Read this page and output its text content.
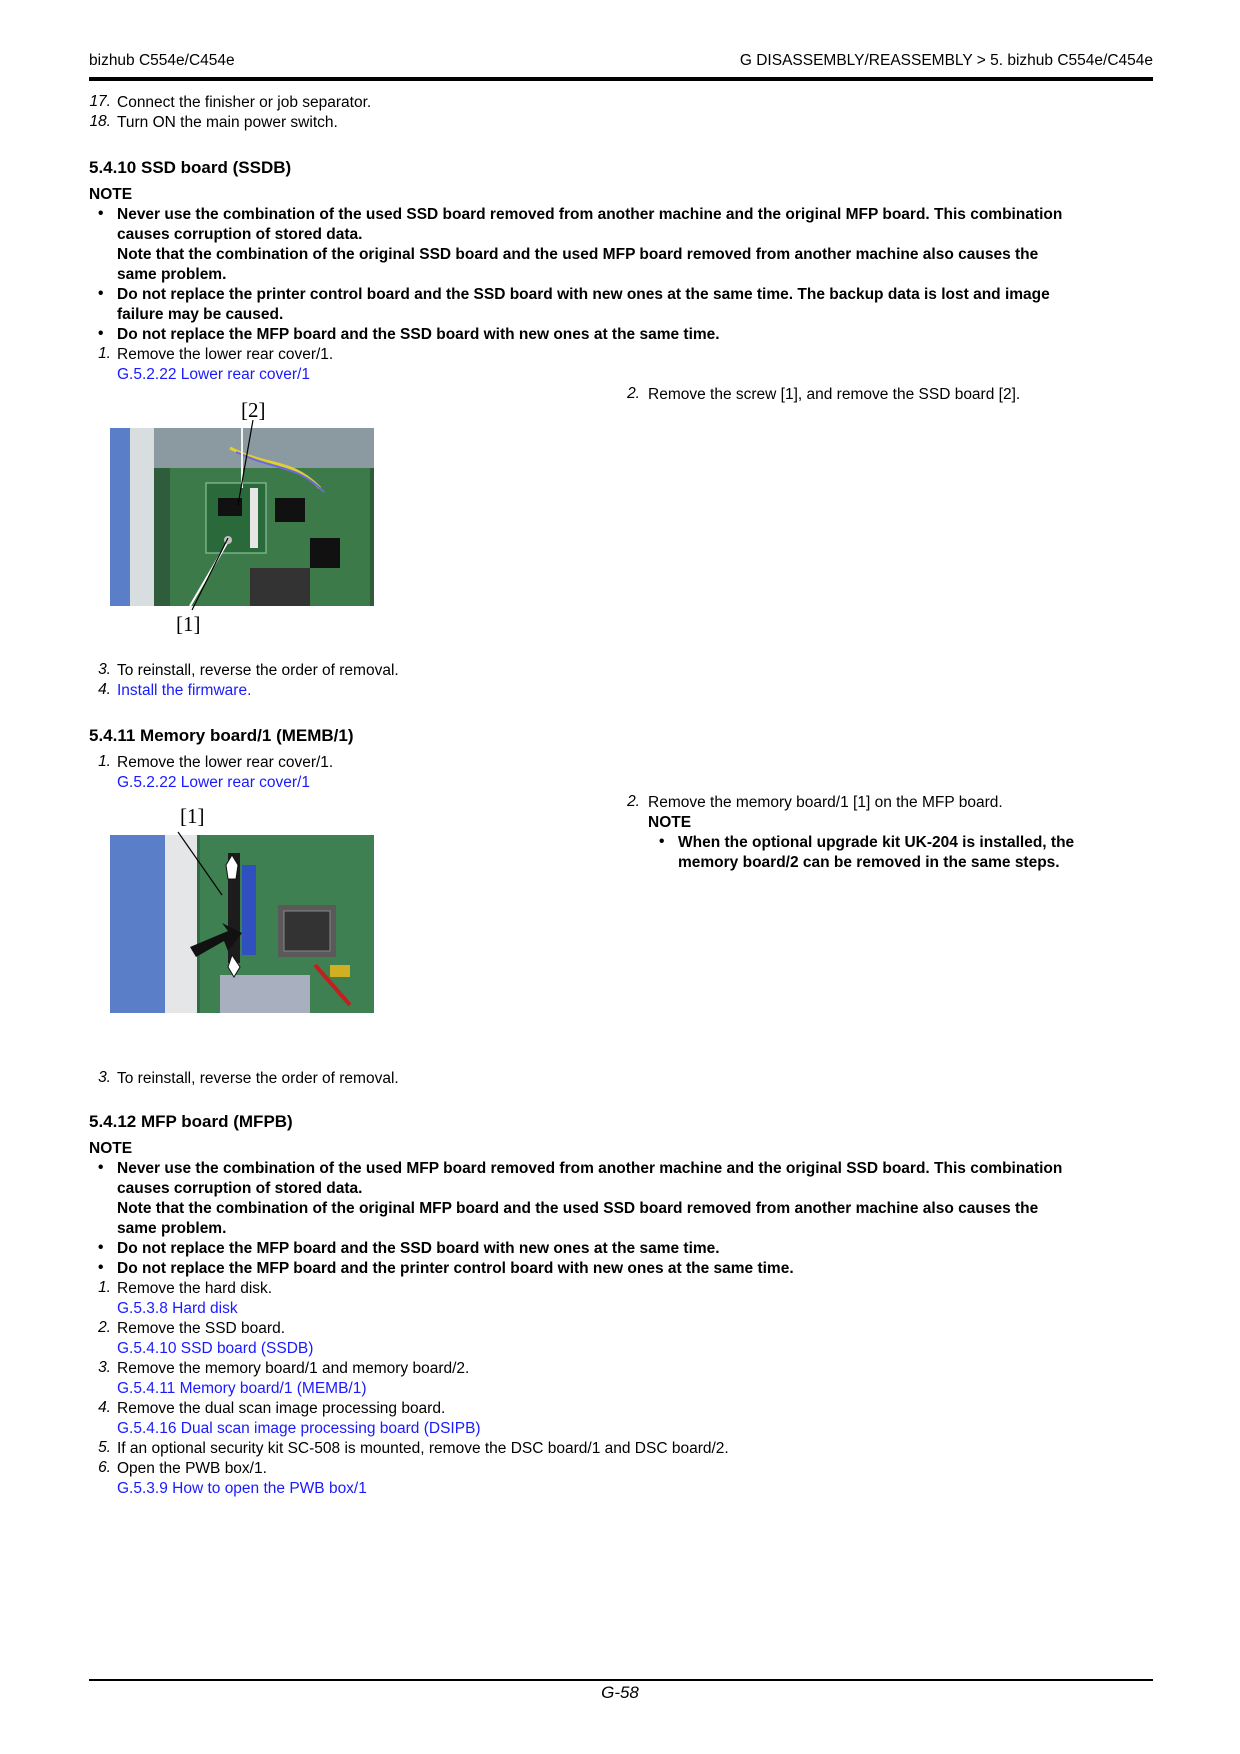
bizhub C554e/C454e	G DISASSEMBLY/REASSEMBLY > 5. bizhub C554e/C454e
17. Connect the finisher or job separator.
18. Turn ON the main power switch.
5.4.10 SSD board (SSDB)
NOTE
• Never use the combination of the used SSD board removed from another machine and the original MFP board. This combination
causes corruption of stored data.
Note that the combination of the original SSD board and the used MFP board removed from another machine also causes the
same problem.
• Do not replace the printer control board and the SSD board with new ones at the same time. The backup data is lost and image
failure may be caused.
• Do not replace the MFP board and the SSD board with new ones at the same time.
1. Remove the lower rear cover/1.
G.5.2.22 Lower rear cover/1
2. Remove the screw [1], and remove the SSD board [2].
[2]
[1]
3. To reinstall, reverse the order of removal.
4. Install the firmware.
5.4.11 Memory board/1 (MEMB/1)
1. Remove the lower rear cover/1.
G.5.2.22 Lower rear cover/1
2. Remove the memory board/1 [1] on the MFP board.
NOTE
• When the optional upgrade kit UK-204 is installed, the
memory board/2 can be removed in the same steps.
[1]
3. To reinstall, reverse the order of removal.
5.4.12 MFP board (MFPB)
NOTE
• Never use the combination of the used MFP board removed from another machine and the original SSD board. This combination
causes corruption of stored data.
Note that the combination of the original MFP board and the used SSD board removed from another machine also causes the
same problem.
• Do not replace the MFP board and the SSD board with new ones at the same time.
• Do not replace the MFP board and the printer control board with new ones at the same time.
1. Remove the hard disk.
G.5.3.8 Hard disk
2. Remove the SSD board.
G.5.4.10 SSD board (SSDB)
3. Remove the memory board/1 and memory board/2.
G.5.4.11 Memory board/1 (MEMB/1)
4. Remove the dual scan image processing board.
G.5.4.16 Dual scan image processing board (DSIPB)
5. If an optional security kit SC-508 is mounted, remove the DSC board/1 and DSC board/2.
6. Open the PWB box/1.
G.5.3.9 How to open the PWB box/1
G-58
